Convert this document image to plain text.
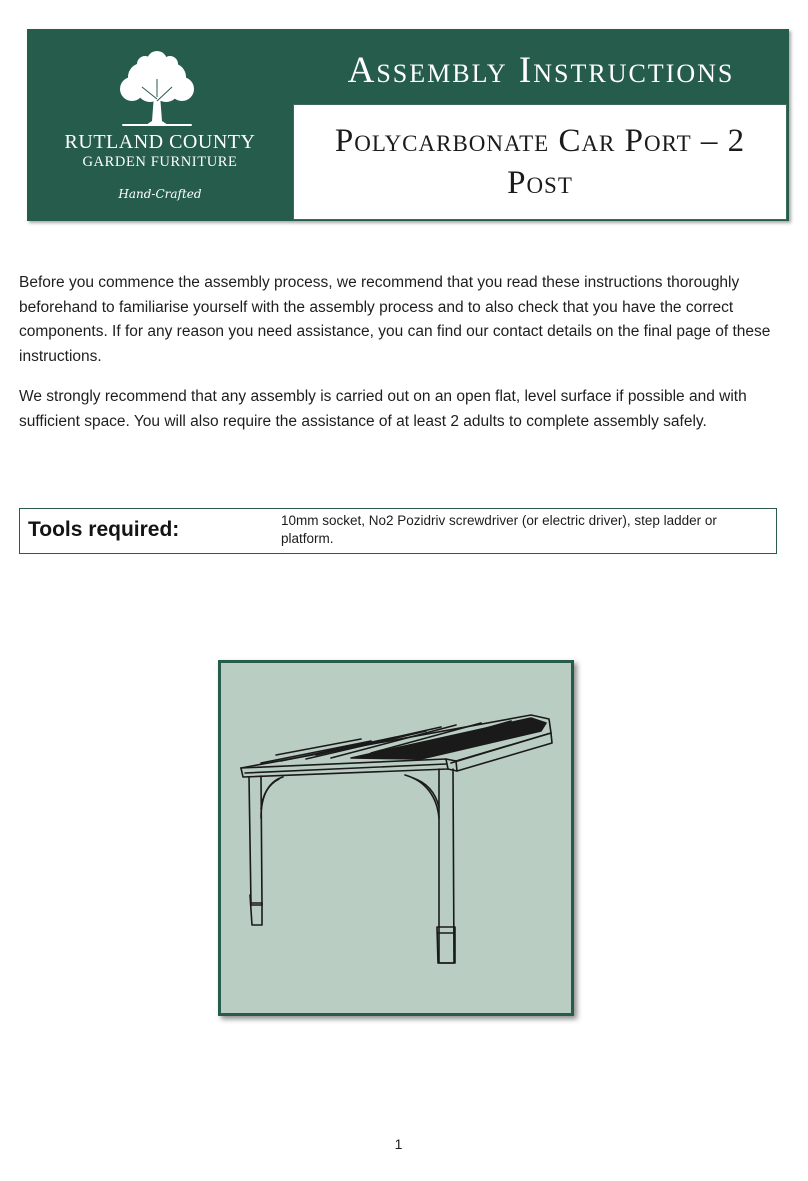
RUTLAND COUNTY
GARDEN FURNITURE
Hand-Crafted
Assembly Instructions
Polycarbonate Car Port – 2 Post

Before you commence the assembly process, we recommend that you read these instructions thoroughly beforehand to familiarise yourself with the assembly process and to also check that you have the correct components. If for any reason you need assistance, you can find our contact details on the final page of these instructions.

We strongly recommend that any assembly is carried out on an open flat, level surface if possible and with sufficient space. You will also require the assistance of at least 2 adults to complete assembly safely.

Tools required:	10mm socket, No2 Pozidriv screwdriver (or electric driver), step ladder or platform.
1
